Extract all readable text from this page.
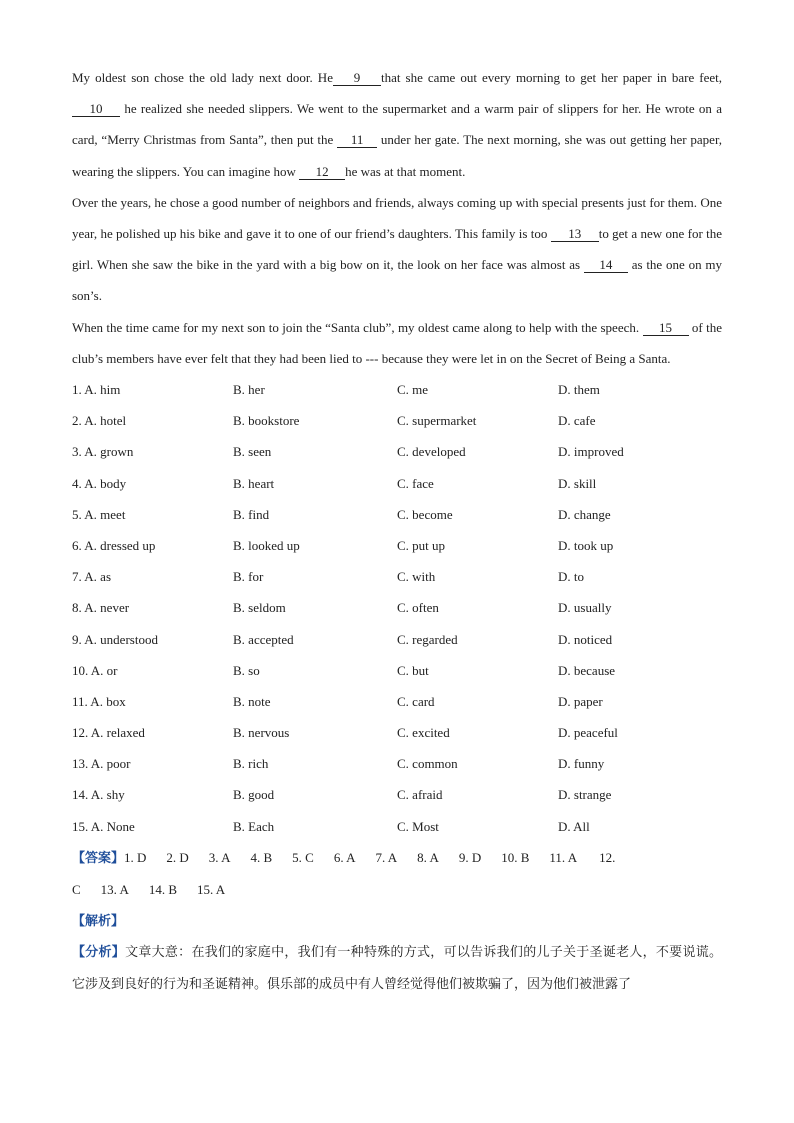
My oldest son chose the old lady next door. He 9 that she came out every morning to get her paper in bare feet, 10 he realized she needed slippers. We went to the supermarket and a warm pair of slippers for her. He wrote on a card, “Merry Christmas from Santa”, then put the 11 under her gate. The next morning, she was out getting her paper, wearing the slippers. You can imagine how 12 he was at that moment.

Over the years, he chose a good number of neighbors and friends, always coming up with special presents just for them. One year, he polished up his bike and gave it to one of our friend’s daughters. This family is too 13 to get a new one for the girl. When she saw the bike in the yard with a big bow on it, the look on her face was almost as 14 as the one on my son’s.

When the time came for my next son to join the “Santa club”, my oldest came along to help with the speech. 15 of the club’s members have ever felt that they had been lied to --- because they were let in on the Secret of Being a Santa.

1. A. him	B. her	C. me	D. them
2. A. hotel	B. bookstore	C. supermarket	D. cafe
3. A. grown	B. seen	C. developed	D. improved
4. A. body	B. heart	C. face	D. skill
5. A. meet	B. find	C. become	D. change
6. A. dressed up	B. looked up	C. put up	D. took up
7. A. as	B. for	C. with	D. to
8. A. never	B. seldom	C. often	D. usually
9. A. understood	B. accepted	C. regarded	D. noticed
10. A. or	B. so	C. but	D. because
11. A. box	B. note	C. card	D. paper
12. A. relaxed	B. nervous	C. excited	D. peaceful
13. A. poor	B. rich	C. common	D. funny
14. A. shy	B. good	C. afraid	D. strange
15. A. None	B. Each	C. Most	D. All

【答案】1. D 2. D 3. A 4. B 5. C 6. A 7. A 8. A 9. D 10. B 11. A 12.
C 13. A 14. B 15. A

【解析】

【分析】文章大意：在我们的家庭中，我们有一种特殊的方式，可以告诉我们的儿子关于圣诞老人，不要说谎。它涉及到良好的行为和圣诞精神。俱乐部的成员中有人曾经觉得他们被欺骗了，因为他们被泄露了
